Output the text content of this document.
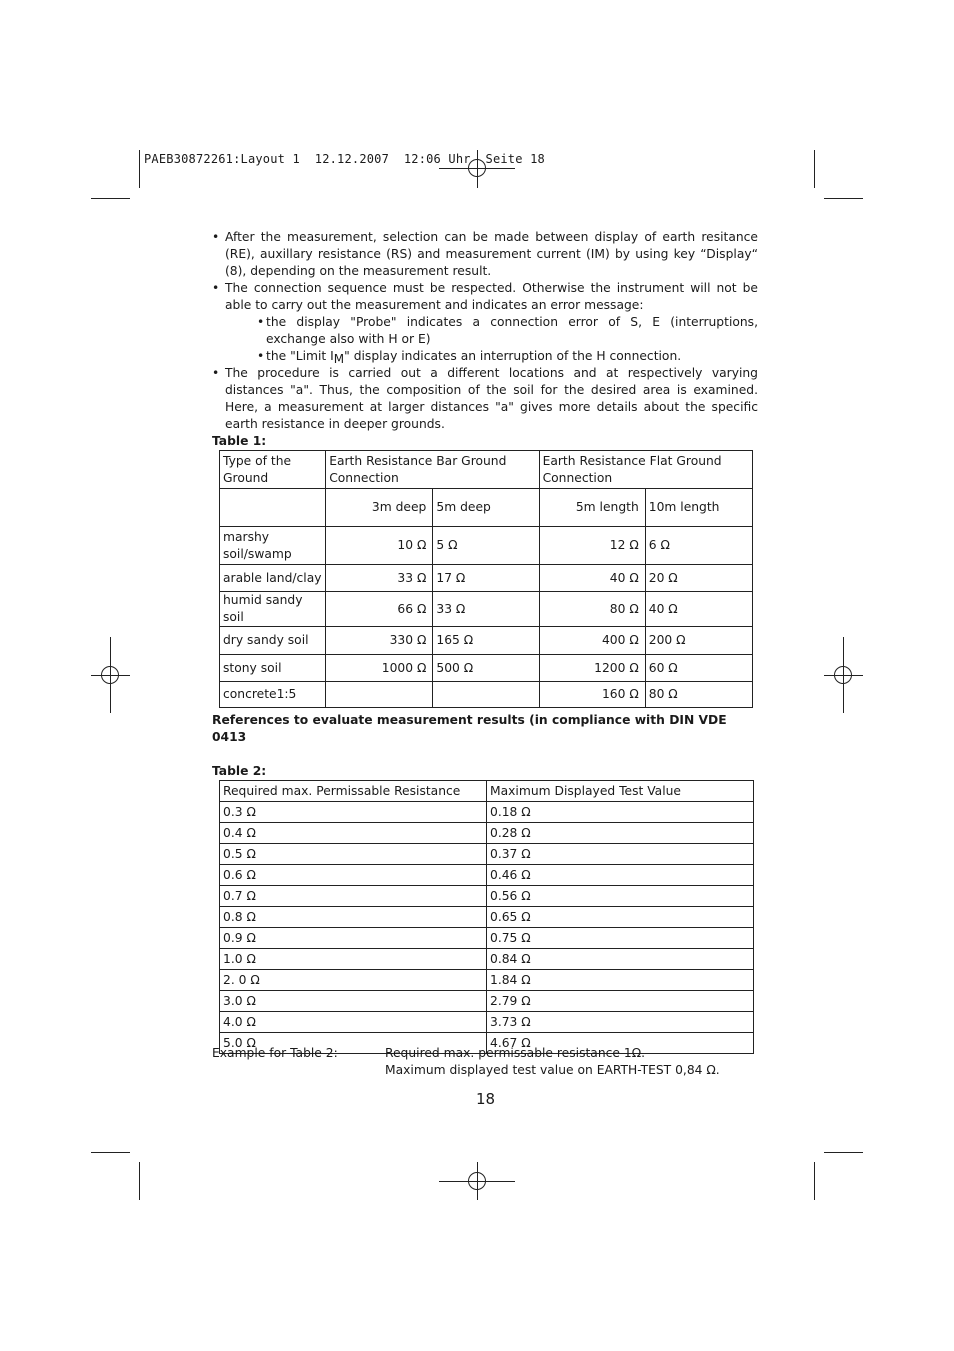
PAEB30872261:Layout 1  12.12.2007  12:06 Uhr  Seite 18
• After the measurement, selection can be made between display of earth resitance (RE), auxillary resistance (RS) and measurement current (IM) by using key “Display“ (8), depending on the measurement result.
• The connection sequence must be respected. Otherwise the instrument will not be able to carry out the measurement and indicates an error message:
• the display "Probe" indicates a connection error of S, E (interruptions, exchange also with H or E)
• the "Limit $I_M$" display indicates an interruption of the H connection.
• The procedure is carried out a different locations and at respectively varying distances "a". Thus, the composition of the soil for the desired area is examined. Here, a measurement at larger distances "a" gives more details about the specific earth resistance in deeper grounds.
Table 1:
Type of the Ground	Earth Resistance Bar Ground Connection		Earth Resistance Flat Ground Connection	
	3m deep	5m deep	5m length	10m length
marshy soil/swamp	10 Ω	5 Ω	12 Ω	6 Ω
arable land/clay	33 Ω	17 Ω	40 Ω	20 Ω
humid sandy soil	66 Ω	33 Ω	80 Ω	40 Ω
dry sandy soil	330 Ω	165 Ω	400 Ω	200 Ω
stony soil	1000 Ω	500 Ω	1200 Ω	60 Ω
concrete1:5			160 Ω	80 Ω
References to evaluate measurement results (in compliance with DIN VDE 0413
Table 2:
Required max. Permissable Resistance	Maximum Displayed Test Value
0.3 Ω	0.18 Ω
0.4 Ω	0.28 Ω
0.5 Ω	0.37 Ω
0.6 Ω	0.46 Ω
0.7 Ω	0.56 Ω
0.8 Ω	0.65 Ω
0.9 Ω	0.75 Ω
1.0 Ω	0.84 Ω
2. 0 Ω	1.84 Ω
3.0 Ω	2.79 Ω
4.0 Ω	3.73 Ω
5.0 Ω	4.67 Ω
Example for Table 2:	Required max. permissable resistance 1Ω.
Maximum displayed test value on EARTH-TEST 0,84 Ω.
18
